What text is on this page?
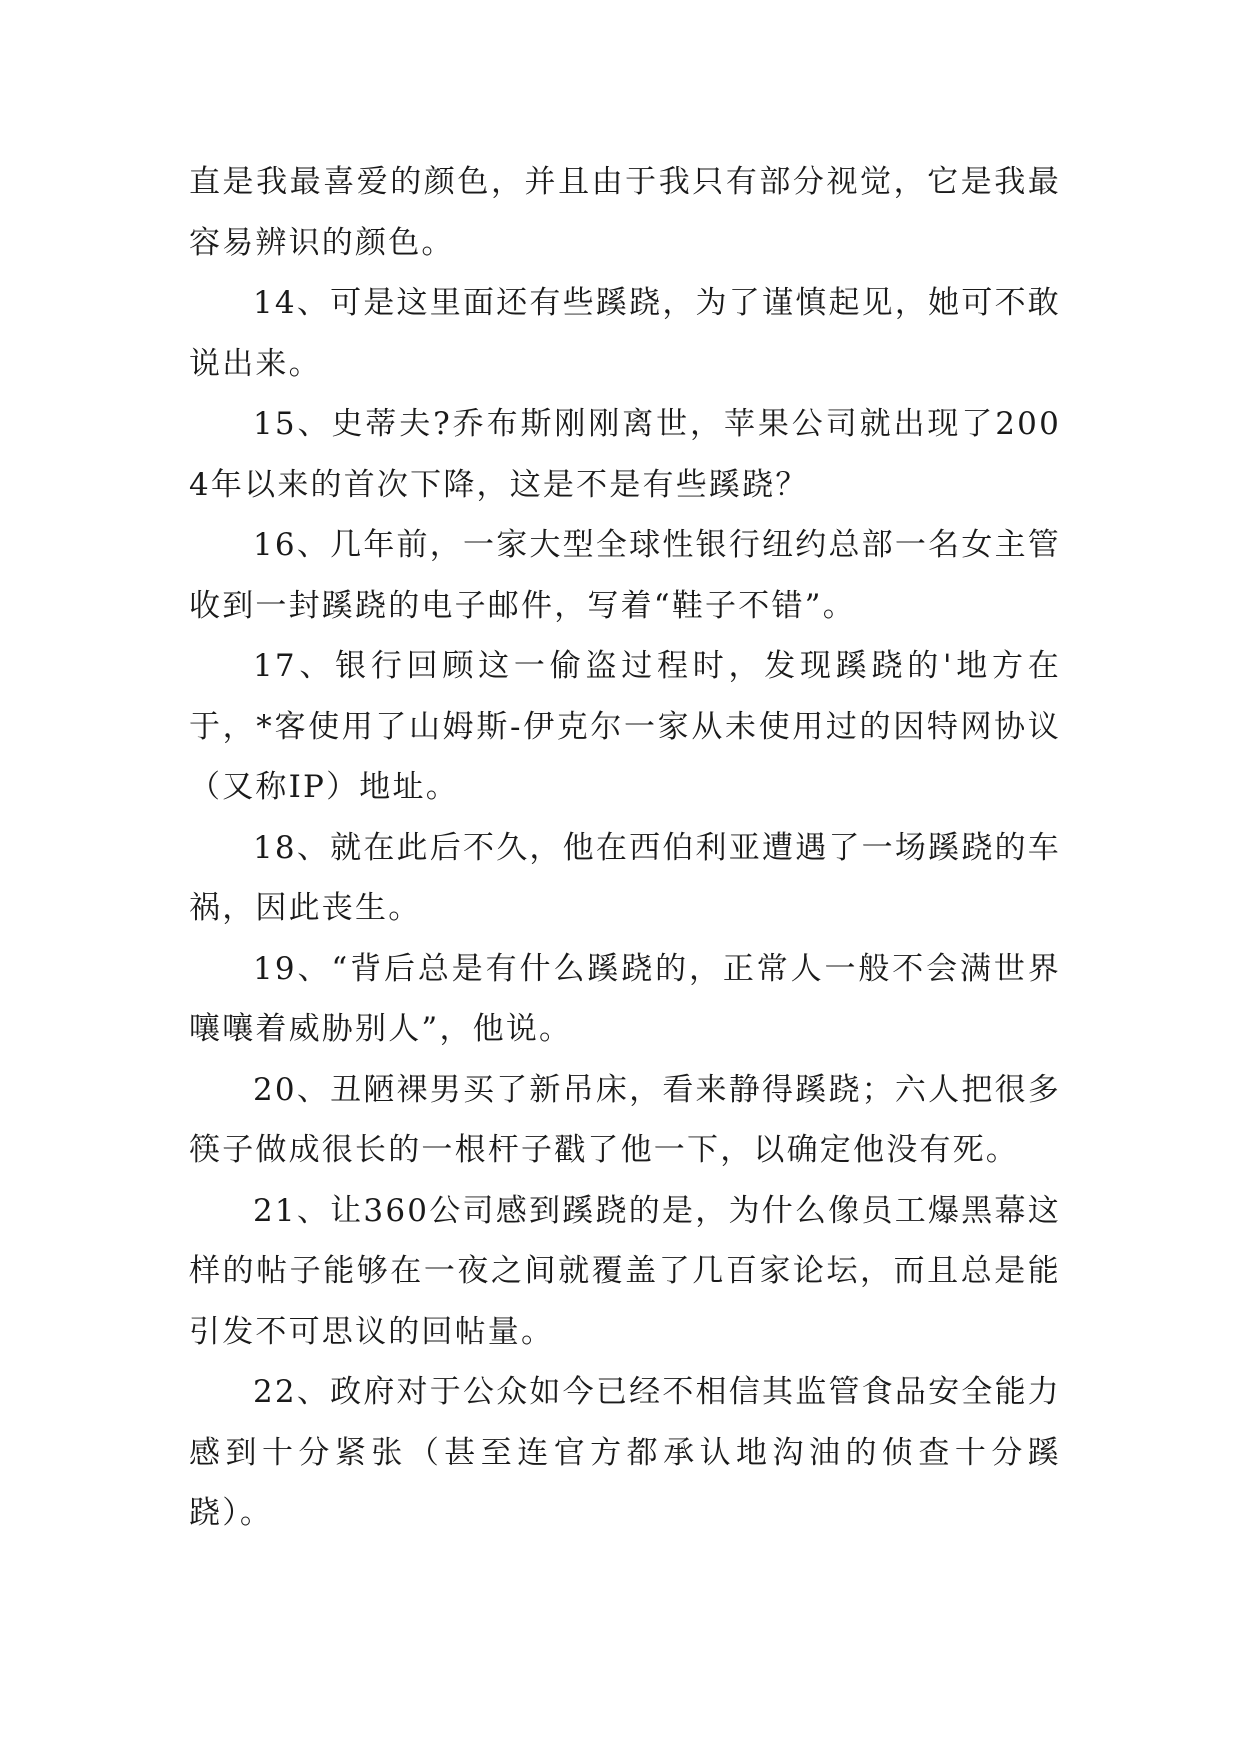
直是我最喜爱的颜色，并且由于我只有部分视觉，它是我最容易辨识的颜色。

14、可是这里面还有些蹊跷，为了谨慎起见，她可不敢说出来。

15、史蒂夫?乔布斯刚刚离世，苹果公司就出现了2004年以来的首次下降，这是不是有些蹊跷？

16、几年前，一家大型全球性银行纽约总部一名女主管收到一封蹊跷的电子邮件，写着“鞋子不错”。

17、银行回顾这一偷盗过程时，发现蹊跷的'地方在于，*客使用了山姆斯-伊克尔一家从未使用过的因特网协议（又称IP）地址。

18、就在此后不久，他在西伯利亚遭遇了一场蹊跷的车祸，因此丧生。

19、“背后总是有什么蹊跷的，正常人一般不会满世界嚷嚷着威胁别人”，他说。

20、丑陋裸男买了新吊床，看来静得蹊跷；六人把很多筷子做成很长的一根杆子戳了他一下，以确定他没有死。

21、让360公司感到蹊跷的是，为什么像员工爆黑幕这样的帖子能够在一夜之间就覆盖了几百家论坛，而且总是能引发不可思议的回帖量。

22、政府对于公众如今已经不相信其监管食品安全能力感到十分紧张（甚至连官方都承认地沟油的侦查十分蹊跷）。
